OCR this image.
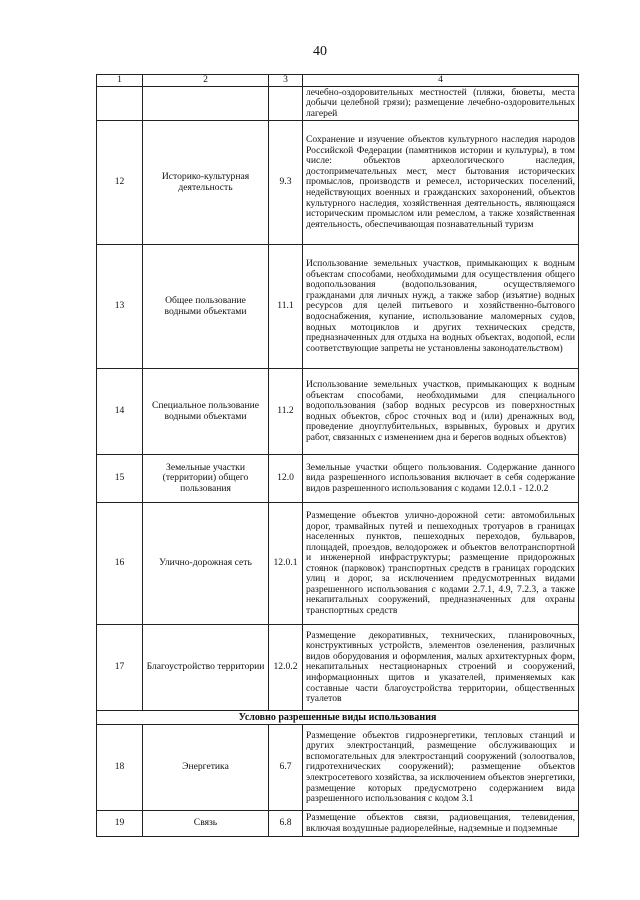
40
1	2	3	4
			лечебно-оздоровительных местностей (пляжи, бюветы, места добычи целебной грязи); размещение лечебно-оздоровительных лагерей
12	Историко-культурная деятельность	9.3	Сохранение и изучение объектов культурного наследия народов Российской Федерации (памятников истории и культуры), в том числе: объектов археологического наследия, достопримечательных мест, мест бытования исторических промыслов, производств и ремесел, исторических поселений, недействующих военных и гражданских захоронений, объектов культурного наследия, хозяйственная деятельность, являющаяся историческим промыслом или ремеслом, а также хозяйственная деятельность, обеспечивающая познавательный туризм
13	Общее пользование водными объектами	11.1	Использование земельных участков, примыкающих к водным объектам способами, необходимыми для осуществления общего водопользования (водопользования, осуществляемого гражданами для личных нужд, а также забор (изъятие) водных ресурсов для целей питьевого и хозяйственно-бытового водоснабжения, купание, использование маломерных судов, водных мотоциклов и других технических средств, предназначенных для отдыха на водных объектах, водопой, если соответствующие запреты не установлены законодательством)
14	Специальное пользование водными объектами	11.2	Использование земельных участков, примыкающих к водным объектам способами, необходимыми для специального водопользования (забор водных ресурсов из поверхностных водных объектов, сброс сточных вод и (или) дренажных вод, проведение дноуглубительных, взрывных, буровых и других работ, связанных с изменением дна и берегов водных объектов)
15	Земельные участки (территории) общего пользования	12.0	Земельные участки общего пользования. Содержание данного вида разрешенного использования включает в себя содержание видов разрешенного использования с кодами 12.0.1 - 12.0.2
16	Улично-дорожная сеть	12.0.1	Размещение объектов улично-дорожной сети: автомобильных дорог, трамвайных путей и пешеходных тротуаров в границах населенных пунктов, пешеходных переходов, бульваров, площадей, проездов, велодорожек и объектов велотранспортной и инженерной инфраструктуры; размещение придорожных стоянок (парковок) транспортных средств в границах городских улиц и дорог, за исключением предусмотренных видами разрешенного использования с кодами 2.7.1, 4.9, 7.2.3, а также некапитальных сооружений, предназначенных для охраны транспортных средств
17	Благоустройство территории	12.0.2	Размещение декоративных, технических, планировочных, конструктивных устройств, элементов озеленения, различных видов оборудования и оформления, малых архитектурных форм, некапитальных нестационарных строений и сооружений, информационных щитов и указателей, применяемых как составные части благоустройства территории, общественных туалетов
Условно разрешенные виды использования			
18	Энергетика	6.7	Размещение объектов гидроэнергетики, тепловых станций и других электростанций, размещение обслуживающих и вспомогательных для электростанций сооружений (золоотвалов, гидротехнических сооружений); размещение объектов электросетевого хозяйства, за исключением объектов энергетики, размещение которых предусмотрено содержанием вида разрешенного использования с кодом 3.1
19	Связь	6.8	Размещение объектов связи, радиовещания, телевидения, включая воздушные радиорелейные, надземные и подземные
